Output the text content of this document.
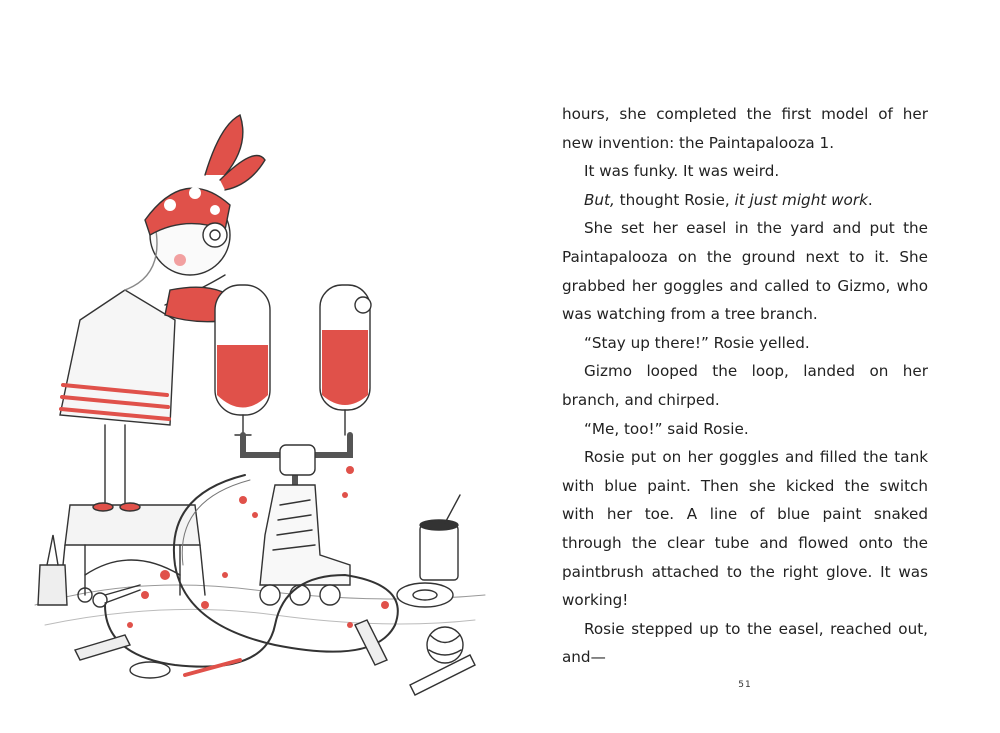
hours, she completed the first model of her new invention: the Paintapalooza 1.

It was funky. It was weird.

But, thought Rosie, it just might work.

She set her easel in the yard and put the Paintapalooza on the ground next to it. She grabbed her goggles and called to Gizmo, who was watching from a tree branch.

“Stay up there!” Rosie yelled.

Gizmo looped the loop, landed on her branch, and chirped.

“Me, too!” said Rosie.

Rosie put on her goggles and filled the tank with blue paint. Then she kicked the switch with her toe. A line of blue paint snaked through the clear tube and flowed onto the paintbrush attached to the right glove. It was working!

Rosie stepped up to the easel, reached out, and—

51
